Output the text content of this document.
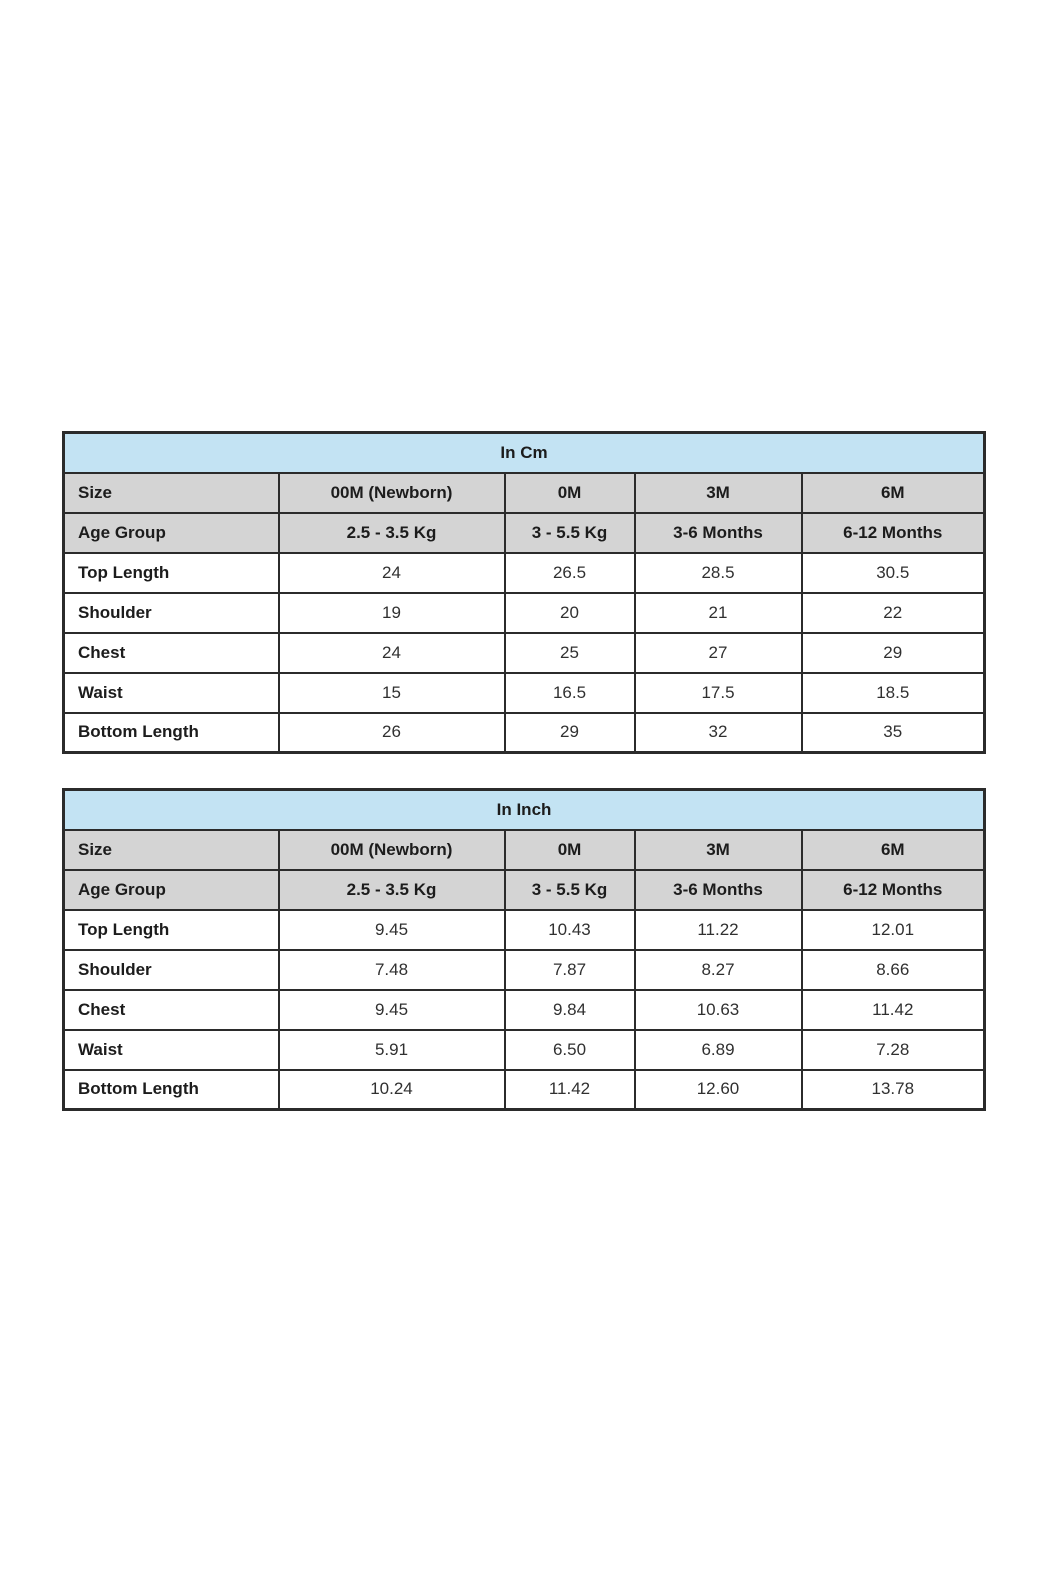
In Cm				
Size	00M (Newborn)	0M	3M	6M
Age Group	2.5 - 3.5 Kg	3 - 5.5 Kg	3-6 Months	6-12 Months
Top Length	24	26.5	28.5	30.5
Shoulder	19	20	21	22
Chest	24	25	27	29
Waist	15	16.5	17.5	18.5
Bottom Length	26	29	32	35
In Inch				
Size	00M (Newborn)	0M	3M	6M
Age Group	2.5 - 3.5 Kg	3 - 5.5 Kg	3-6 Months	6-12 Months
Top Length	9.45	10.43	11.22	12.01
Shoulder	7.48	7.87	8.27	8.66
Chest	9.45	9.84	10.63	11.42
Waist	5.91	6.50	6.89	7.28
Bottom Length	10.24	11.42	12.60	13.78
